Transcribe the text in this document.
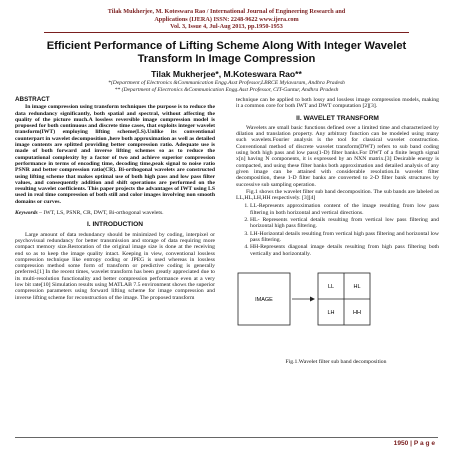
Tilak Mukherjee, M. Koteswara Rao / International Journal of Engineering Research and
Applications (IJERA) ISSN: 2248-9622 www.ijera.com
Vol. 3, Issue 4, Jul-Aug 2013, pp.1950-1953
Efficient Performance of Lifting Scheme Along With Integer Wavelet Transform In Image Compression
Tilak Mukherjee*, M.Koteswara Rao**
*(Department of Electronics &Communication Engg.Asst Professor,LBRCE Mylavaram, Andhra Pradesh
** (Department of Electronics &Communication Engg.Asst Professor, CIT-Guntur, Andhra Pradesh
ABSTRACT

In image compression using transform techniques the purpose is to reduce the data redundancy significantly, both spatial and spectral, without affecting the quality of the picture much.A lossless reversible image compression model is proposed for both continuous and discrete time cases, that exploits integer wavelet transform(IWT) employing lifting scheme(LS).Unlike its conventional counterpart in wavelet decomposition ,here both approximation as well as detailed image contents are splitted providing better compression ratio. Adequate use is made of both forward and inverse lifting schemes so as to reduce the computational complexity by a factor of two and achieve superior compression performance in terms of encoding time, decoding time,peak signal to noise ratio PSNR and better compression ratio(CR). Bi-orthogonal wavelets are constructed using lifting scheme that makes optimal use of both high pass and low pass filter values, and consequently addition and shift operations are performed on the resulting wavelet coefficients. This paper projects the advantages of IWT using LS used in real time compression of both still and color images involving non smooth domains or curves.

Keywords – IWT, LS, PSNR, CR, DWT, Bi-orthogonal wavelets.
I. INTRODUCTION

Large amount of data redundancy should be minimized by coding, interpixel or psychovisual redundancy for better transmission and storage of data requiring more compact memory size.Restoration of the original image size is done at the receiving end so as to keep the image quality intact. Keeping in view, conventional lossless compression technique like entropy coding or JPEG is used whereas in lossless compression method some form of transform or predictive coding is generally preferred.[1] In the recent times, wavelet transform has been greatly appreciated due to its multi-resolution functionality and better compression performance even at a very low bit rate[10] Simulation results using MATLAB 7.5 environment shows the superior compression parameters using forward lifting scheme for image compression and inverse lifting scheme for reconstruction of the image. The proposed transform

technique can be applied to both lossy and lossless image compression models, making it a common core for both IWT and DWT computation [2][3].

II. WAVELET TRANSFORM

Wavelets are small basic functions defined over a limited time and characterized by dilation and translation property. Any arbitrary function can be modeled using many such wavelets.Fourier analysis is the tool for classical wavelet construction. Conventional method of discrete wavelet transform(DWT) refers to sub band coding using both high pass and low pass(1-D) filter banks.For DWT of a finite length signal x[n] having N components, it is expressed by an NXN matrix.[3] Desirable energy is compacted, and using these filter banks both approximation and detailed analysis of any given image can be attained with considerable resolution.In wavelet filter decomposition, these 1-D filter banks are converted to 2-D filter bank structures by successive sub sampling operation.

Fig.1 shows the wavelet filter sub band decomposition. The sub bands are labeled as LL,HL,LH,HH respectively. [3][4]

1. LL-Represents approximation content of the image resulting from low pass filtering in both horizontal and vertical directions.
2. HL- Represents vertical details resulting from vertical low pass filtering and horizontal high pass filtering.
3. LH-Horizontal details resulting from vertical high pass filtering and horizontal low pass filtering.
4. HH-Represents diagonal image details resulting from high pass filtering both vertically and horizontally.
IMAGE
LL	HL
LH	HH
Fig.1.Wavelet filter sub band decomposition
1950 | P a g e
